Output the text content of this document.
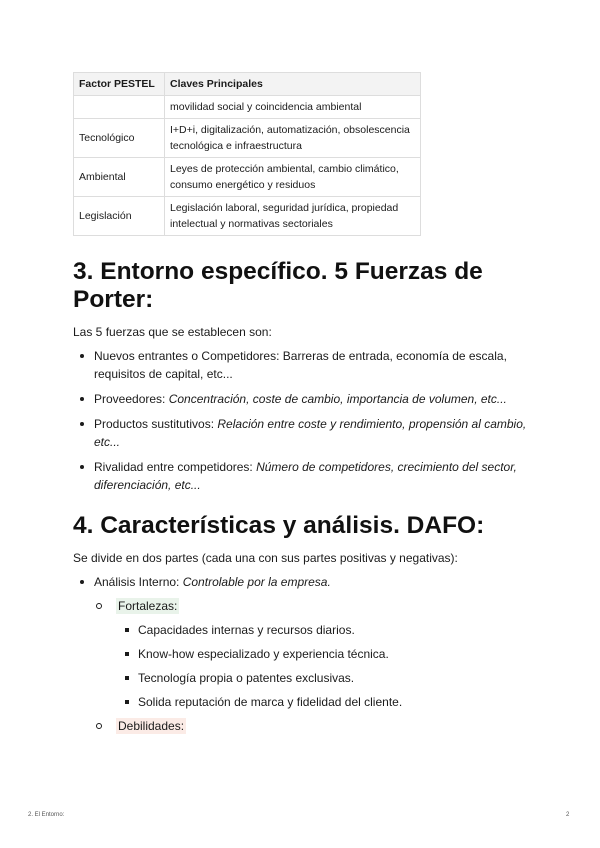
Factor PESTEL	Claves Principales
	movilidad social y coincidencia ambiental
Tecnológico	I+D+i, digitalización, automatización, obsolescencia tecnológica e infraestructura
Ambiental	Leyes de protección ambiental, cambio climático, consumo energético y residuos
Legislación	Legislación laboral, seguridad jurídica, propiedad intelectual y normativas sectoriales
3. Entorno específico. 5 Fuerzas de Porter:

Las 5 fuerzas que se establecen son:

Nuevos entrantes o Competidores: Barreras de entrada, economía de escala, requisitos de capital, etc...
Proveedores: Concentración, coste de cambio, importancia de volumen, etc...
Productos sustitutivos: Relación entre coste y rendimiento, propensión al cambio, etc...
Rivalidad entre competidores: Número de competidores, crecimiento del sector, diferenciación, etc...
4. Características y análisis. DAFO:

Se divide en dos partes (cada una con sus partes positivas y negativas):

Análisis Interno: Controlable por la empresa.
Fortalezas:
Capacidades internas y recursos diarios.
Know-how especializado y experiencia técnica.
Tecnología propia o patentes exclusivas.
Solida reputación de marca y fidelidad del cliente.
Debilidades:
2. El Entorno:	2
